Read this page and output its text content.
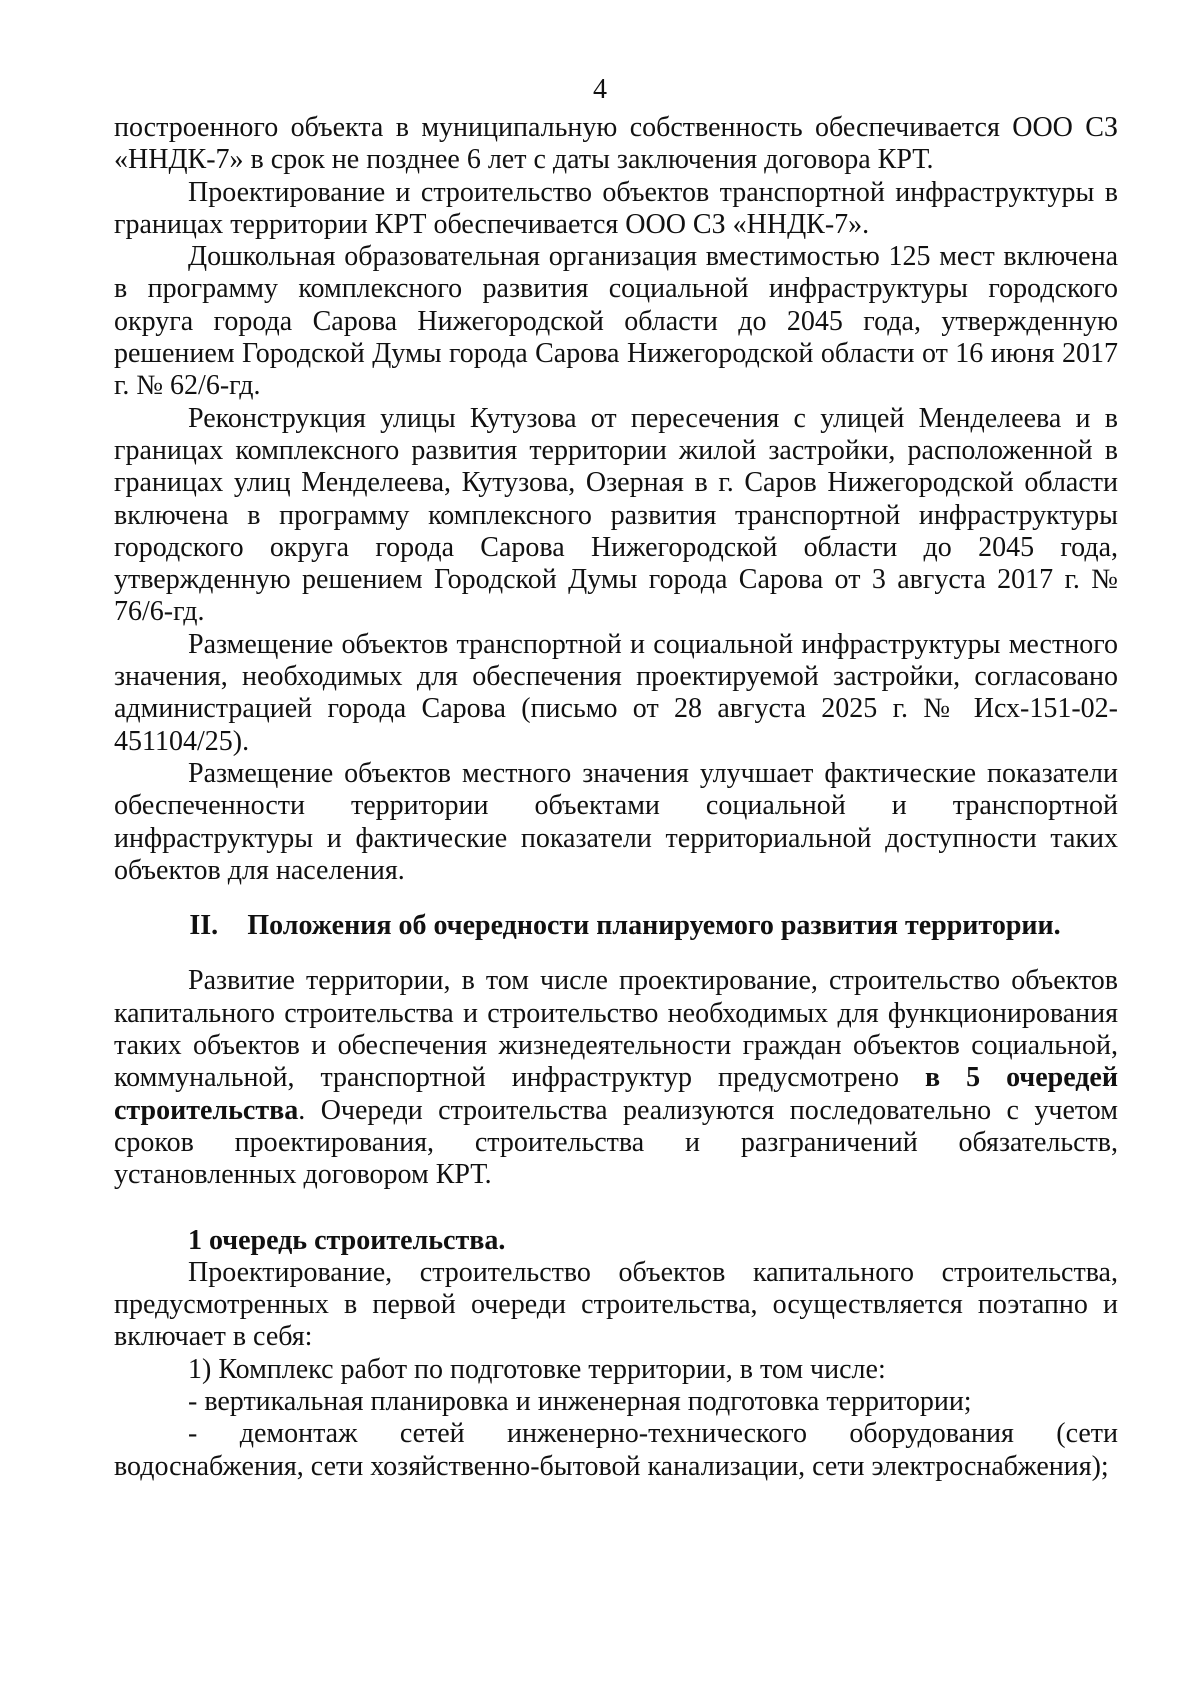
4

построенного объекта в муниципальную собственность обеспечивается ООО СЗ «ННДК-7» в срок не позднее 6 лет с даты заключения договора КРТ.

Проектирование и строительство объектов транспортной инфраструктуры в границах территории КРТ обеспечивается ООО СЗ «ННДК-7».

Дошкольная образовательная организация вместимостью 125 мест включена в программу комплексного развития социальной инфраструктуры городского округа города Сарова Нижегородской области до 2045 года, утвержденную решением Городской Думы города Сарова Нижегородской области от 16 июня 2017 г. № 62/6-гд.

Реконструкция улицы Кутузова от пересечения с улицей Менделеева и в границах комплексного развития территории жилой застройки, расположенной в границах улиц Менделеева, Кутузова, Озерная в г. Саров Нижегородской области включена в программу комплексного развития транспортной инфраструктуры городского округа города Сарова Нижегородской области до 2045 года, утвержденную решением Городской Думы города Сарова от 3 августа 2017 г. № 76/6-гд.

Размещение объектов транспортной и социальной инфраструктуры местного значения, необходимых для обеспечения проектируемой застройки, согласовано администрацией города Сарова (письмо от 28 августа 2025 г. № Исх-151-02-451104/25).

Размещение объектов местного значения улучшает фактические показатели обеспеченности территории объектами социальной и транспортной инфраструктуры и фактические показатели территориальной доступности таких объектов для населения.

II. Положения об очередности планируемого развития территории.

Развитие территории, в том числе проектирование, строительство объектов капитального строительства и строительство необходимых для функционирования таких объектов и обеспечения жизнедеятельности граждан объектов социальной, коммунальной, транспортной инфраструктур предусмотрено в 5 очередей строительства. Очереди строительства реализуются последовательно с учетом сроков проектирования, строительства и разграничений обязательств, установленных договором КРТ.

1 очередь строительства.

Проектирование, строительство объектов капитального строительства, предусмотренных в первой очереди строительства, осуществляется поэтапно и включает в себя:

1) Комплекс работ по подготовке территории, в том числе:

- вертикальная планировка и инженерная подготовка территории;

- демонтаж сетей инженерно-технического оборудования (сети водоснабжения, сети хозяйственно-бытовой канализации, сети электроснабжения);
